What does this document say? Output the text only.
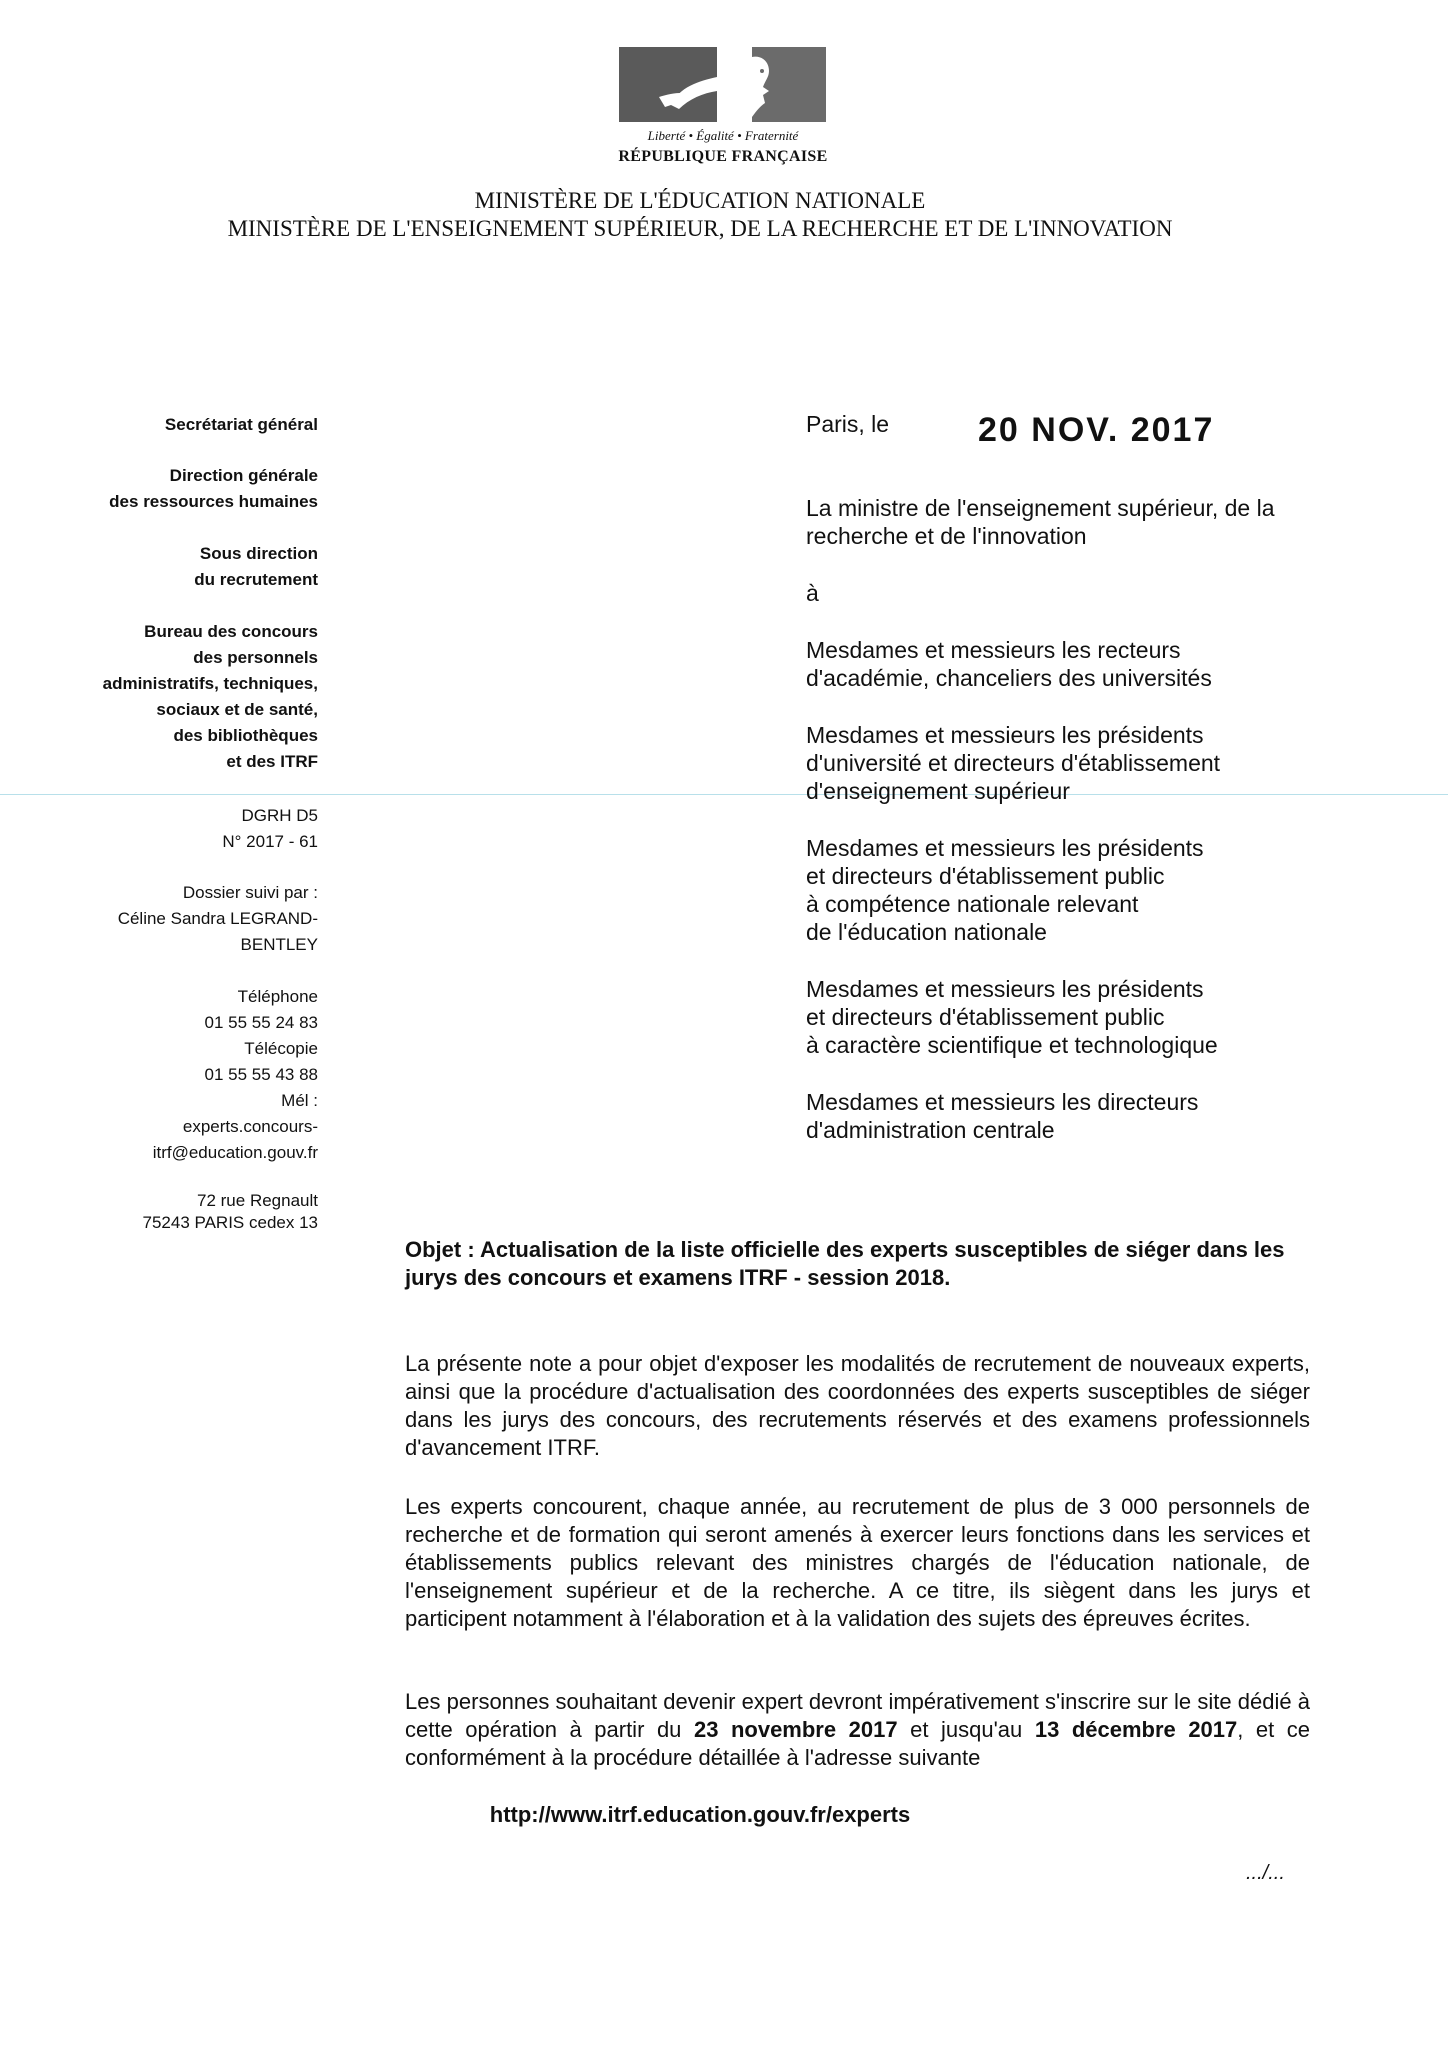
Liberté • Égalité • Fraternité
RÉPUBLIQUE FRANÇAISE
MINISTÈRE DE L'ÉDUCATION NATIONALE
MINISTÈRE DE L'ENSEIGNEMENT SUPÉRIEUR, DE LA RECHERCHE ET DE L'INNOVATION
Secrétariat général
Direction générale
des ressources humaines
Sous direction
du recrutement
Bureau des concours
des personnels
administratifs, techniques,
sociaux et de santé,
des bibliothèques
et des ITRF
DGRH D5
N° 2017 - 61
Dossier suivi par :
Céline Sandra LEGRAND-
BENTLEY
Téléphone
01 55 55 24 83
Télécopie
01 55 55 43 88
Mél :
experts.concours-
itrf@education.gouv.fr
72 rue Regnault
75243 PARIS cedex 13
Paris, le	20 NOV. 2017
La ministre de l'enseignement supérieur, de la
recherche et de l'innovation
à
Mesdames et messieurs les recteurs
d'académie, chanceliers des universités
Mesdames et messieurs les présidents
d'université et directeurs d'établissement
d'enseignement supérieur
Mesdames et messieurs les présidents
et directeurs d'établissement public
à compétence nationale relevant
de l'éducation nationale
Mesdames et messieurs les présidents
et directeurs d'établissement public
à caractère scientifique et technologique
Mesdames et messieurs les directeurs
d'administration centrale
Objet : Actualisation de la liste officielle des experts susceptibles de siéger dans les jurys des concours et examens ITRF - session 2018.
La présente note a pour objet d'exposer les modalités de recrutement de nouveaux experts, ainsi que la procédure d'actualisation des coordonnées des experts susceptibles de siéger dans les jurys des concours, des recrutements réservés et des examens professionnels d'avancement ITRF.
Les experts concourent, chaque année, au recrutement de plus de 3 000 personnels de recherche et de formation qui seront amenés à exercer leurs fonctions dans les services et établissements publics relevant des ministres chargés de l'éducation nationale, de l'enseignement supérieur et de la recherche. A ce titre, ils siègent dans les jurys et participent notamment à l'élaboration et à la validation des sujets des épreuves écrites.
Les personnes souhaitant devenir expert devront impérativement s'inscrire sur le site dédié à cette opération à partir du 23 novembre 2017 et jusqu'au 13 décembre 2017, et ce conformément à la procédure détaillée à l'adresse suivante
http://www.itrf.education.gouv.fr/experts
.../...
